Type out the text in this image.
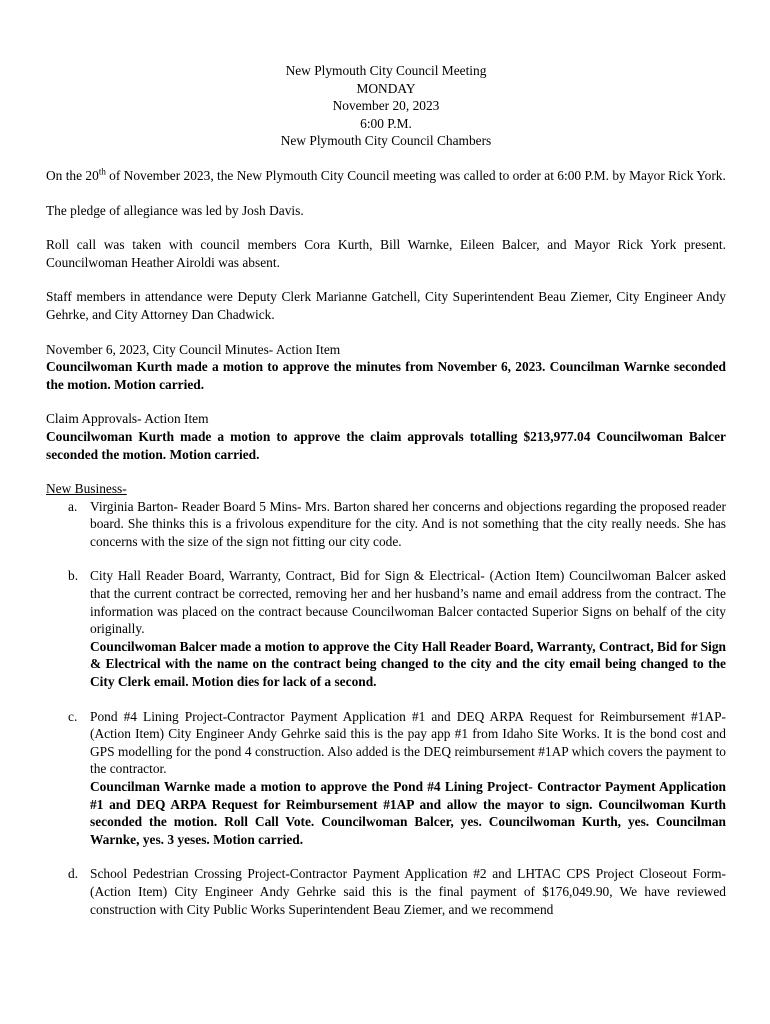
New Plymouth City Council Meeting
MONDAY
November 20, 2023
6:00 P.M.
New Plymouth City Council Chambers

On the 20th of November 2023, the New Plymouth City Council meeting was called to order at 6:00 P.M. by Mayor Rick York.

The pledge of allegiance was led by Josh Davis.

Roll call was taken with council members Cora Kurth, Bill Warnke, Eileen Balcer, and Mayor Rick York present. Councilwoman Heather Airoldi was absent.

Staff members in attendance were Deputy Clerk Marianne Gatchell, City Superintendent Beau Ziemer, City Engineer Andy Gehrke, and City Attorney Dan Chadwick.

November 6, 2023, City Council Minutes- Action Item
Councilwoman Kurth made a motion to approve the minutes from November 6, 2023. Councilman Warnke seconded the motion. Motion carried.
Claim Approvals- Action Item
Councilwoman Kurth made a motion to approve the claim approvals totalling $213,977.04 Councilwoman Balcer seconded the motion. Motion carried.
New Business-
a. Virginia Barton- Reader Board 5 Mins- Mrs. Barton shared her concerns and objections regarding the proposed reader board. She thinks this is a frivolous expenditure for the city. And is not something that the city really needs. She has concerns with the size of the sign not fitting our city code.
b. City Hall Reader Board, Warranty, Contract, Bid for Sign & Electrical- (Action Item) Councilwoman Balcer asked that the current contract be corrected, removing her and her husband’s name and email address from the contract. The information was placed on the contract because Councilwoman Balcer contacted Superior Signs on behalf of the city originally.
Councilwoman Balcer made a motion to approve the City Hall Reader Board, Warranty, Contract, Bid for Sign & Electrical with the name on the contract being changed to the city and the city email being changed to the City Clerk email. Motion dies for lack of a second.
c. Pond #4 Lining Project-Contractor Payment Application #1 and DEQ ARPA Request for Reimbursement #1AP- (Action Item) City Engineer Andy Gehrke said this is the pay app #1 from Idaho Site Works. It is the bond cost and GPS modelling for the pond 4 construction. Also added is the DEQ reimbursement #1AP which covers the payment to the contractor.
Councilman Warnke made a motion to approve the Pond #4 Lining Project- Contractor Payment Application #1 and DEQ ARPA Request for Reimbursement #1AP and allow the mayor to sign. Councilwoman Kurth seconded the motion. Roll Call Vote. Councilwoman Balcer, yes. Councilwoman Kurth, yes. Councilman Warnke, yes. 3 yeses. Motion carried.
d. School Pedestrian Crossing Project-Contractor Payment Application #2 and LHTAC CPS Project Closeout Form- (Action Item) City Engineer Andy Gehrke said this is the final payment of $176,049.90, We have reviewed construction with City Public Works Superintendent Beau Ziemer, and we recommend
